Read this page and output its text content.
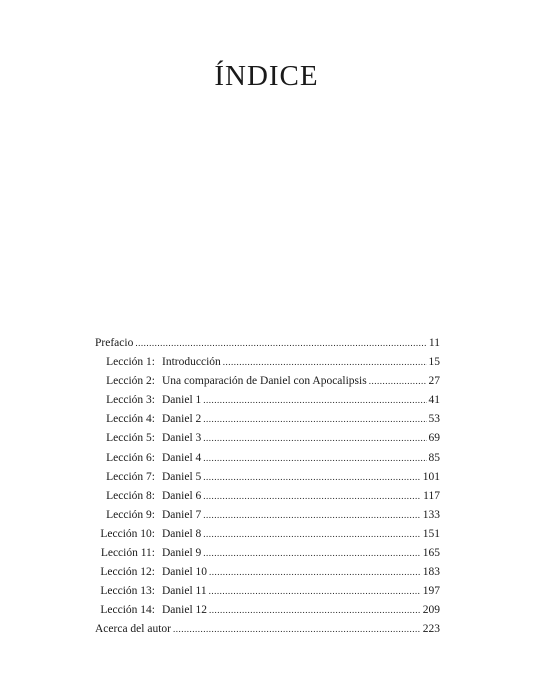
ÍNDICE
Prefacio .....	11
Lección 1: Introducción .....	15
Lección 2: Una comparación de Daniel con Apocalipsis .....	27
Lección 3: Daniel 1 .....	41
Lección 4: Daniel 2 .....	53
Lección 5: Daniel 3 .....	69
Lección 6: Daniel 4 .....	85
Lección 7: Daniel 5 .....	101
Lección 8: Daniel 6 .....	117
Lección 9: Daniel 7 .....	133
Lección 10: Daniel 8 .....	151
Lección 11: Daniel 9 .....	165
Lección 12: Daniel 10 .....	183
Lección 13: Daniel 11 .....	197
Lección 14: Daniel 12 .....	209
Acerca del autor .....	223
